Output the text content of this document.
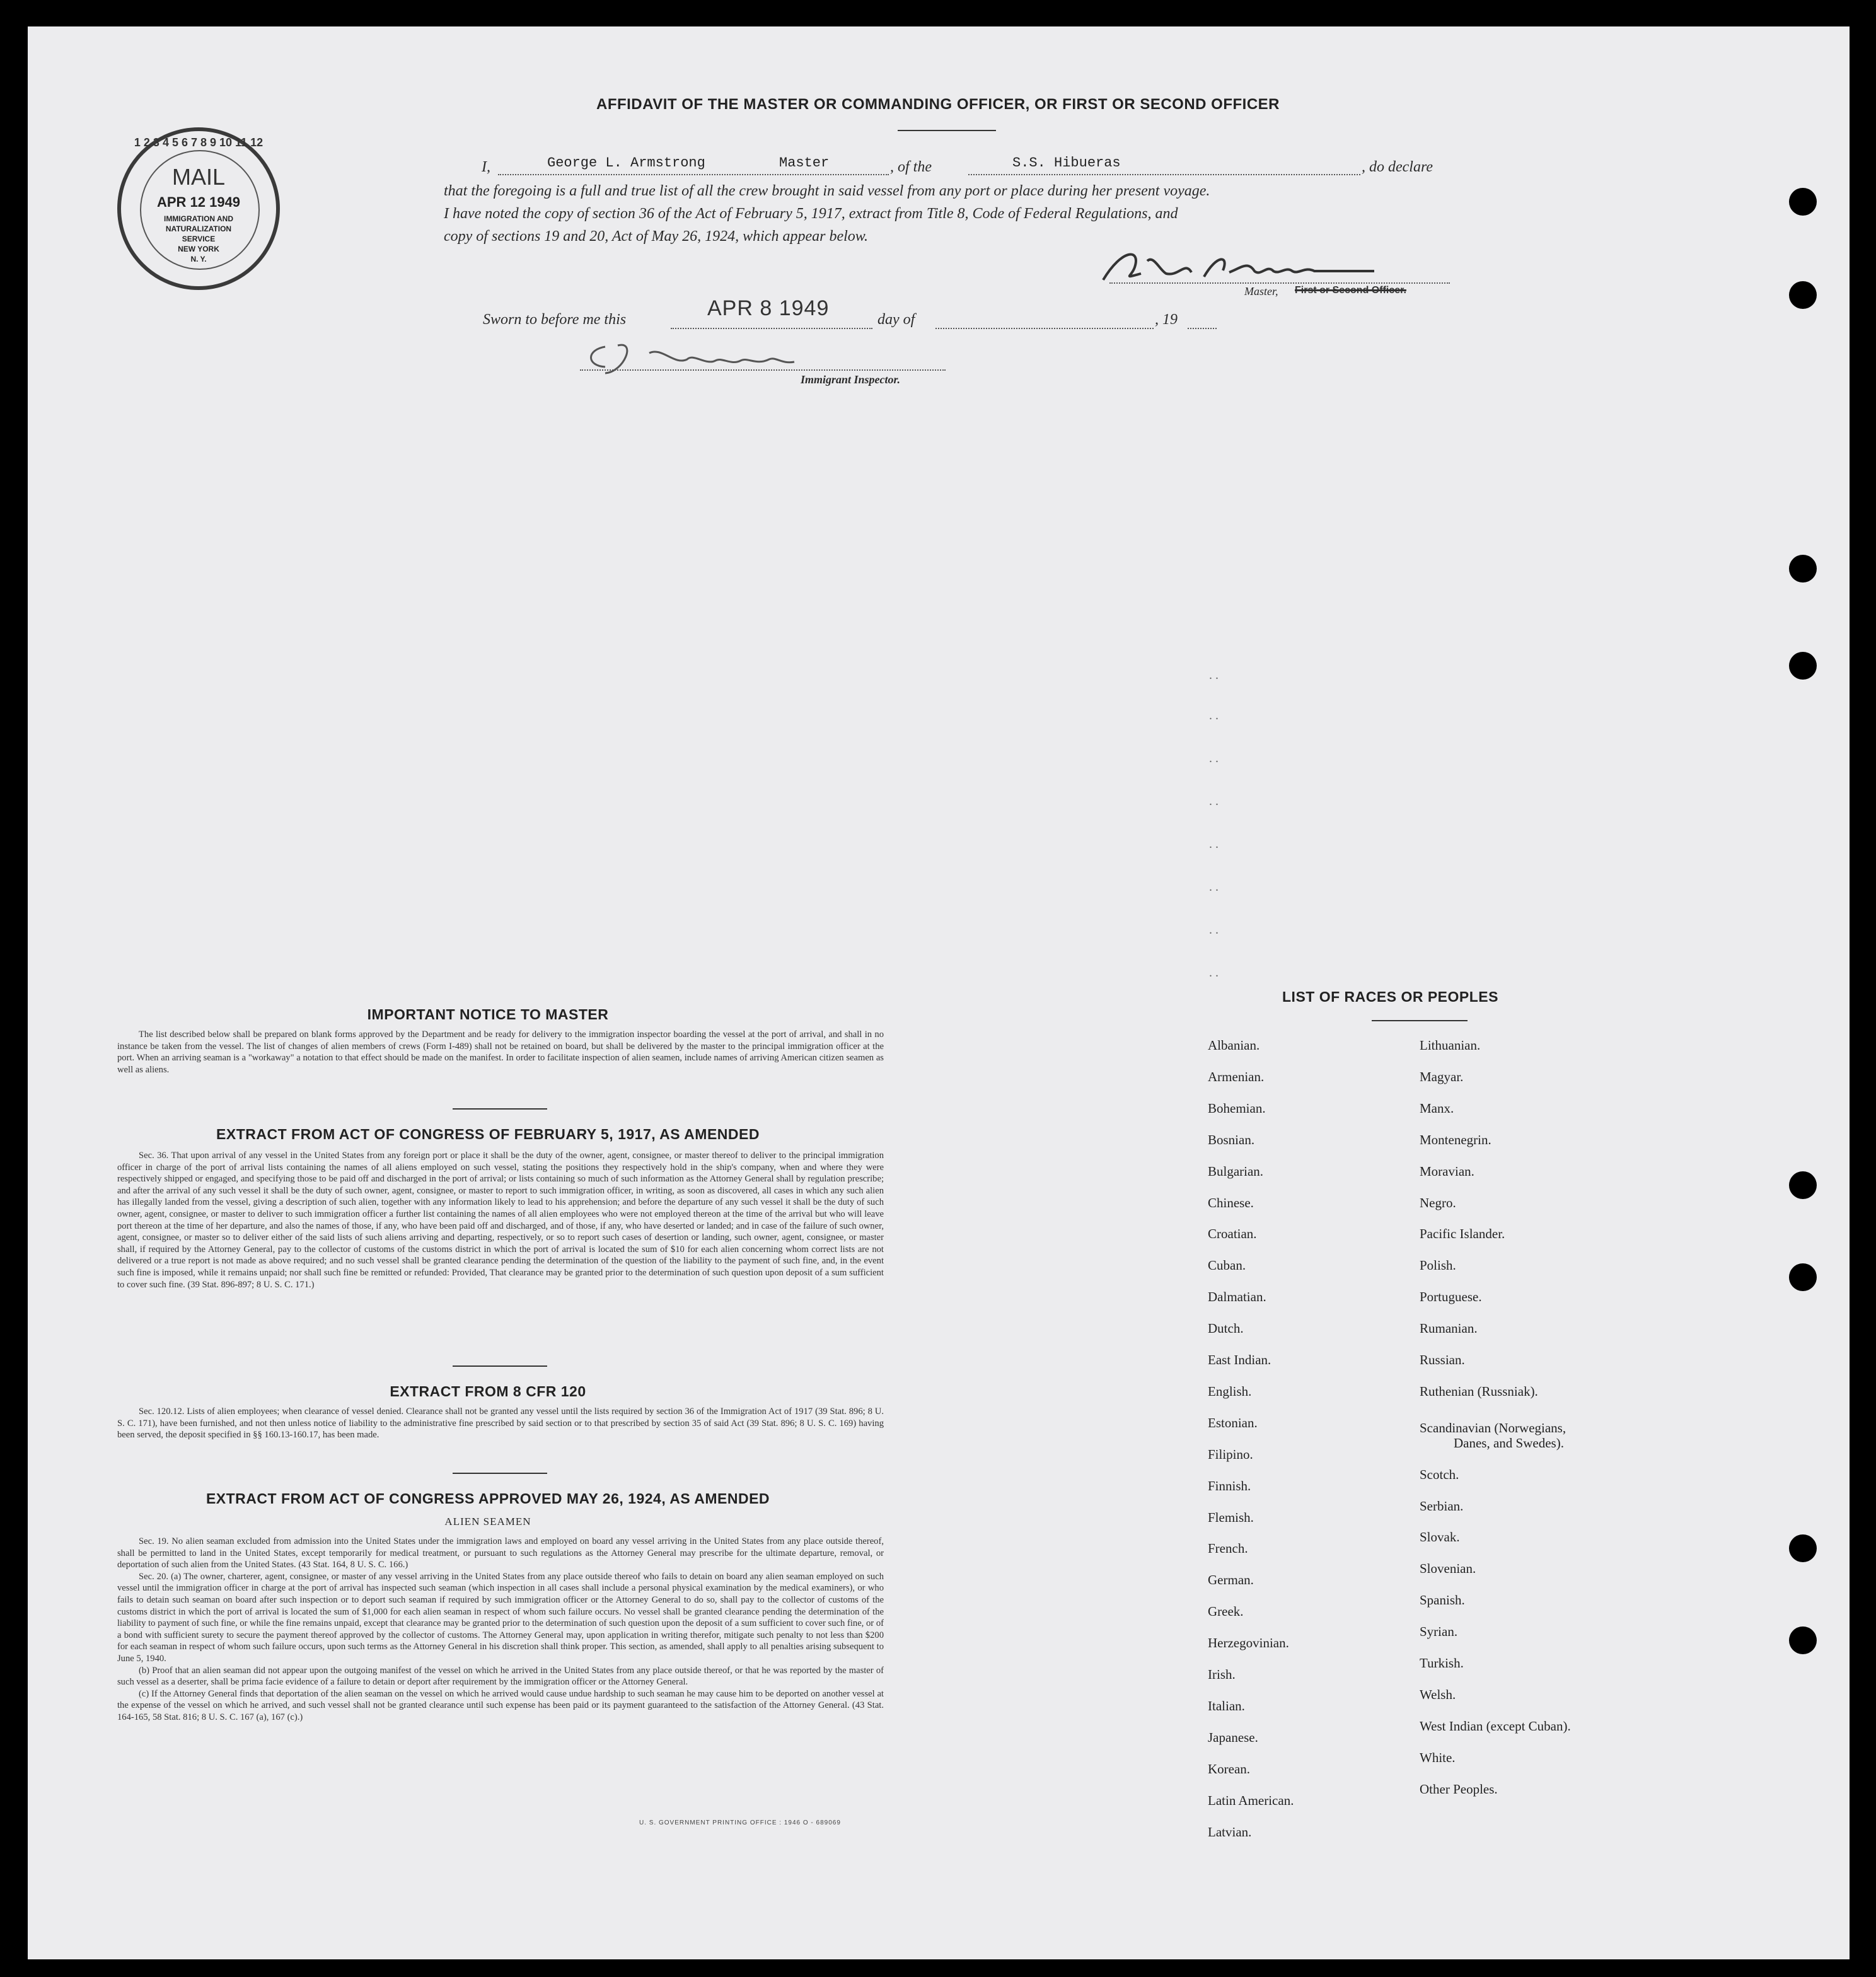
AFFIDAVIT OF THE MASTER OR COMMANDING OFFICER, OR FIRST OR SECOND OFFICER
1 2 3 4 5 6 7 8 9 10 11 12
MAIL
APR 12 1949
IMMIGRATION AND
NATURALIZATION
SERVICE
NEW YORK
N. Y.
I,	George L. Armstrong	Master	, of the	S.S. Hibueras	, do declare
that the foregoing is a full and true list of all the crew brought in said vessel from any port or place during her present voyage.
I have noted the copy of section 36 of the Act of February 5, 1917, extract from Title 8, Code of Federal Regulations, and
copy of sections 19 and 20, Act of May 26, 1924, which appear below.
Master, First or Second Officer.
Sworn to before me this	APR 8 1949	day of	, 19
Immigrant Inspector.
. .
. .
. .
. .
. .
. .
. .
. .
IMPORTANT NOTICE TO MASTER

The list described below shall be prepared on blank forms approved by the Department and be ready for delivery to the immigration inspector boarding the vessel at the port of arrival, and shall in no instance be taken from the vessel. The list of changes of alien members of crews (Form I-489) shall not be retained on board, but shall be delivered by the master to the principal immigration officer at the port. When an arriving seaman is a "workaway" a notation to that effect should be made on the manifest. In order to facilitate inspection of alien seamen, include names of arriving American citizen seamen as well as aliens.

EXTRACT FROM ACT OF CONGRESS OF FEBRUARY 5, 1917, AS AMENDED

Sec. 36. That upon arrival of any vessel in the United States from any foreign port or place it shall be the duty of the owner, agent, consignee, or master thereof to deliver to the principal immigration officer in charge of the port of arrival lists containing the names of all aliens employed on such vessel, stating the positions they respectively hold in the ship's company, when and where they were respectively shipped or engaged, and specifying those to be paid off and discharged in the port of arrival; or lists containing so much of such information as the Attorney General shall by regulation prescribe; and after the arrival of any such vessel it shall be the duty of such owner, agent, consignee, or master to report to such immigration officer, in writing, as soon as discovered, all cases in which any such alien has illegally landed from the vessel, giving a description of such alien, together with any information likely to lead to his apprehension; and before the departure of any such vessel it shall be the duty of such owner, agent, consignee, or master to deliver to such immigration officer a further list containing the names of all alien employees who were not employed thereon at the time of the arrival but who will leave port thereon at the time of her departure, and also the names of those, if any, who have been paid off and discharged, and of those, if any, who have deserted or landed; and in case of the failure of such owner, agent, consignee, or master so to deliver either of the said lists of such aliens arriving and departing, respectively, or so to report such cases of desertion or landing, such owner, agent, consignee, or master shall, if required by the Attorney General, pay to the collector of customs of the customs district in which the port of arrival is located the sum of $10 for each alien concerning whom correct lists are not delivered or a true report is not made as above required; and no such vessel shall be granted clearance pending the determination of the question of the liability to the payment of such fine, and, in the event such fine is imposed, while it remains unpaid; nor shall such fine be remitted or refunded: Provided, That clearance may be granted prior to the determination of such question upon deposit of a sum sufficient to cover such fine. (39 Stat. 896-897; 8 U. S. C. 171.)

EXTRACT FROM 8 CFR 120

Sec. 120.12. Lists of alien employees; when clearance of vessel denied. Clearance shall not be granted any vessel until the lists required by section 36 of the Immigration Act of 1917 (39 Stat. 896; 8 U. S. C. 171), have been furnished, and not then unless notice of liability to the administrative fine prescribed by said section or to that prescribed by section 35 of said Act (39 Stat. 896; 8 U. S. C. 169) having been served, the deposit specified in §§ 160.13-160.17, has been made.

EXTRACT FROM ACT OF CONGRESS APPROVED MAY 26, 1924, AS AMENDED
ALIEN SEAMEN

Sec. 19. No alien seaman excluded from admission into the United States under the immigration laws and employed on board any vessel arriving in the United States from any place outside thereof, shall be permitted to land in the United States, except temporarily for medical treatment, or pursuant to such regulations as the Attorney General may prescribe for the ultimate departure, removal, or deportation of such alien from the United States. (43 Stat. 164, 8 U. S. C. 166.)

Sec. 20. (a) The owner, charterer, agent, consignee, or master of any vessel arriving in the United States from any place outside thereof who fails to detain on board any alien seaman employed on such vessel until the immigration officer in charge at the port of arrival has inspected such seaman (which inspection in all cases shall include a personal physical examination by the medical examiners), or who fails to detain such seaman on board after such inspection or to deport such seaman if required by such immigration officer or the Attorney General to do so, shall pay to the collector of customs of the customs district in which the port of arrival is located the sum of $1,000 for each alien seaman in respect of whom such failure occurs. No vessel shall be granted clearance pending the determination of the liability to payment of such fine, or while the fine remains unpaid, except that clearance may be granted prior to the determination of such question upon the deposit of a sum sufficient to cover such fine, or of a bond with sufficient surety to secure the payment thereof approved by the collector of customs. The Attorney General may, upon application in writing therefor, mitigate such penalty to not less than $200 for each seaman in respect of whom such failure occurs, upon such terms as the Attorney General in his discretion shall think proper. This section, as amended, shall apply to all penalties arising subsequent to June 5, 1940.

(b) Proof that an alien seaman did not appear upon the outgoing manifest of the vessel on which he arrived in the United States from any place outside thereof, or that he was reported by the master of such vessel as a deserter, shall be prima facie evidence of a failure to detain or deport after requirement by the immigration officer or the Attorney General.

(c) If the Attorney General finds that deportation of the alien seaman on the vessel on which he arrived would cause undue hardship to such seaman he may cause him to be deported on another vessel at the expense of the vessel on which he arrived, and such vessel shall not be granted clearance until such expense has been paid or its payment guaranteed to the satisfaction of the Attorney General. (43 Stat. 164-165, 58 Stat. 816; 8 U. S. C. 167 (a), 167 (c).)

U. S. GOVERNMENT PRINTING OFFICE : 1946 O - 689069
LIST OF RACES OR PEOPLES
Albanian.
Armenian.
Bohemian.
Bosnian.
Bulgarian.
Chinese.
Croatian.
Cuban.
Dalmatian.
Dutch.
East Indian.
English.
Estonian.
Filipino.
Finnish.
Flemish.
French.
German.
Greek.
Herzegovinian.
Irish.
Italian.
Japanese.
Korean.
Latin American.
Latvian.
Lithuanian.
Magyar.
Manx.
Montenegrin.
Moravian.
Negro.
Pacific Islander.
Polish.
Portuguese.
Rumanian.
Russian.
Ruthenian (Russniak).
Scandinavian (Norwegians,
Danes, and Swedes).
Scotch.
Serbian.
Slovak.
Slovenian.
Spanish.
Syrian.
Turkish.
Welsh.
West Indian (except Cuban).
White.
Other Peoples.
